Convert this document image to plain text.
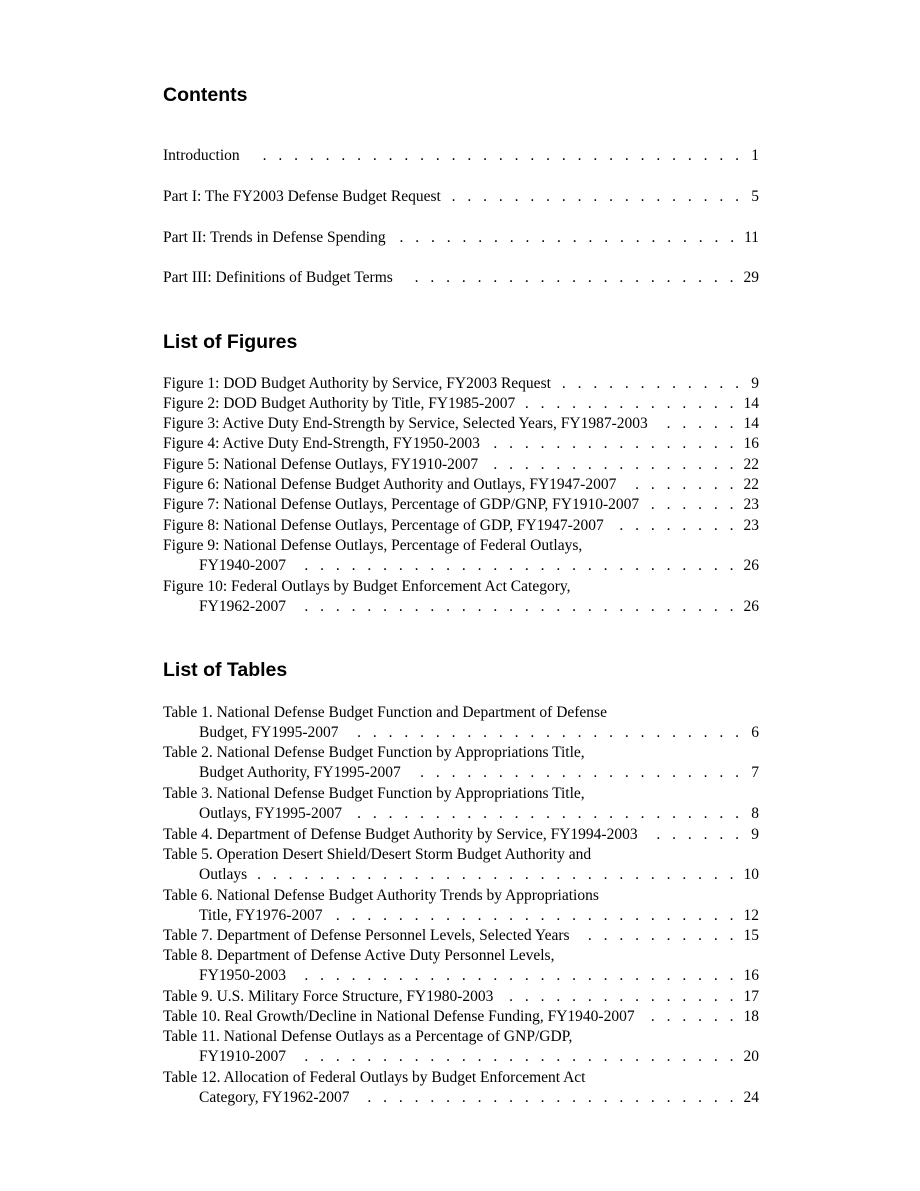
Contents
Introduction . . .	1
Part I: The FY2003 Defense Budget Request . . .	5
Part II: Trends in Defense Spending . . .	11
Part III: Definitions of Budget Terms . . .	29
List of Figures
Figure 1: DOD Budget Authority by Service, FY2003 Request . . .	9
Figure 2: DOD Budget Authority by Title, FY1985-2007 . . .	14
Figure 3: Active Duty End-Strength by Service, Selected Years, FY1987-2003 . . .	14
Figure 4: Active Duty End-Strength, FY1950-2003 . . .	16
Figure 5: National Defense Outlays, FY1910-2007 . . .	22
Figure 6: National Defense Budget Authority and Outlays, FY1947-2007 . . .	22
Figure 7: National Defense Outlays, Percentage of GDP/GNP, FY1910-2007 . . .	23
Figure 8: National Defense Outlays, Percentage of GDP, FY1947-2007 . . .	23
Figure 9: National Defense Outlays, Percentage of Federal Outlays,
FY1940-2007 . . .	26
Figure 10: Federal Outlays by Budget Enforcement Act Category,
FY1962-2007 . . .	26
List of Tables
Table 1. National Defense Budget Function and Department of Defense
Budget, FY1995-2007 . . .	6
Table 2. National Defense Budget Function by Appropriations Title,
Budget Authority, FY1995-2007 . . .	7
Table 3. National Defense Budget Function by Appropriations Title,
Outlays, FY1995-2007 . . .	8
Table 4. Department of Defense Budget Authority by Service, FY1994-2003 . . .	9
Table 5. Operation Desert Shield/Desert Storm Budget Authority and
Outlays . . .	10
Table 6. National Defense Budget Authority Trends by Appropriations
Title, FY1976-2007 . . .	12
Table 7. Department of Defense Personnel Levels, Selected Years . . .	15
Table 8. Department of Defense Active Duty Personnel Levels,
FY1950-2003 . . .	16
Table 9. U.S. Military Force Structure, FY1980-2003 . . .	17
Table 10. Real Growth/Decline in National Defense Funding, FY1940-2007 . . .	18
Table 11. National Defense Outlays as a Percentage of GNP/GDP,
FY1910-2007 . . .	20
Table 12. Allocation of Federal Outlays by Budget Enforcement Act
Category, FY1962-2007 . . .	24
